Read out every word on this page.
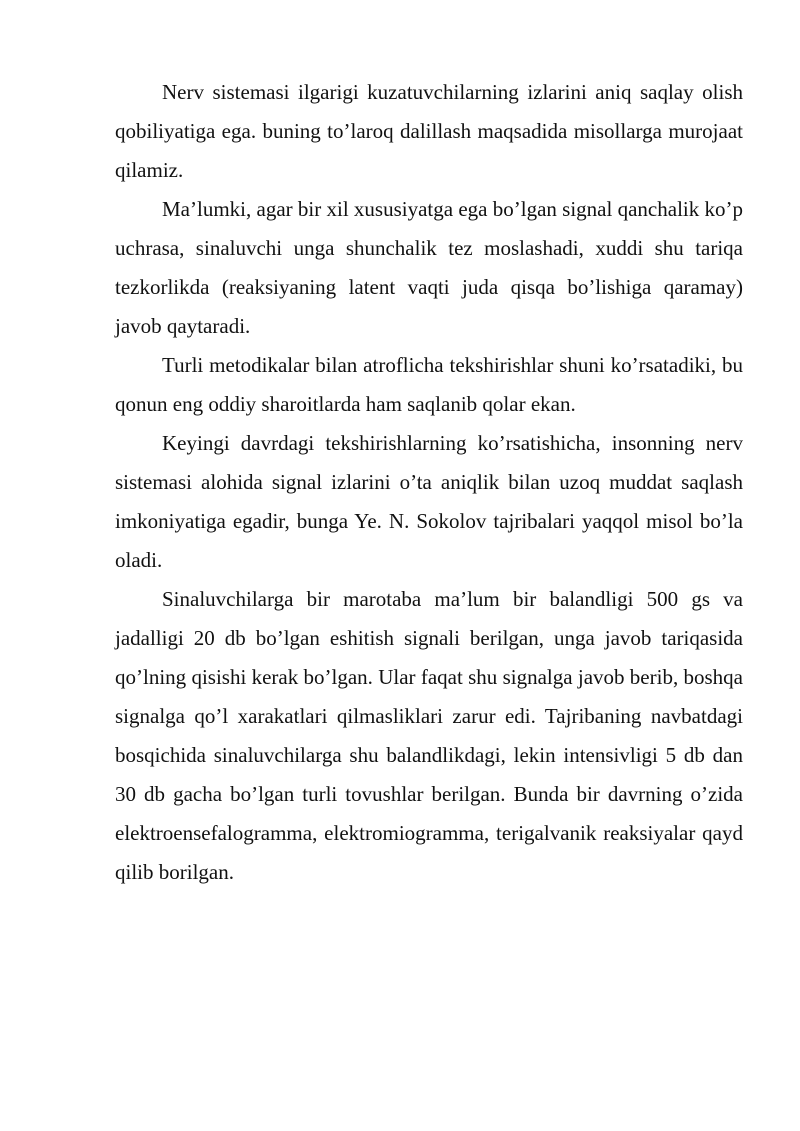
Nerv sistemasi ilgarigi kuzatuvchilarning izlarini aniq saqlay olish qobiliyatiga ega. buning to’laroq dalillash maqsadida misollarga murojaat qilamiz.

Ma’lumki, agar bir xil xususiyatga ega bo’lgan signal qanchalik ko’p uchrasa, sinaluvchi unga shunchalik tez moslashadi, xuddi shu tariqa tezkorlikda (reaksiyaning latent vaqti juda qisqa bo’lishiga qaramay) javob qaytaradi.

Turli metodikalar bilan atroflicha tekshirishlar shuni ko’rsatadiki, bu qonun eng oddiy sharoitlarda ham saqlanib qolar ekan.

Keyingi davrdagi tekshirishlarning ko’rsatishicha, insonning nerv sistemasi alohida signal izlarini o’ta aniqlik bilan uzoq muddat saqlash imkoniyatiga egadir, bunga Ye. N. Sokolov tajribalari yaqqol misol bo’la oladi.

Sinaluvchilarga bir marotaba ma’lum bir balandligi 500 gs va jadalligi 20 db bo’lgan eshitish signali berilgan, unga javob tariqasida qo’lning qisishi kerak bo’lgan. Ular faqat shu signalga javob berib, boshqa signalga qo’l xarakatlari qilmasliklari zarur edi. Tajribaning navbatdagi bosqichida sinaluvchilarga shu balandlikdagi, lekin intensivligi 5 db dan 30 db gacha bo’lgan turli tovushlar berilgan. Bunda bir davrning o’zida elektroensefalogramma, elektromiogramma, terigalvanik reaksiyalar qayd qilib borilgan.
